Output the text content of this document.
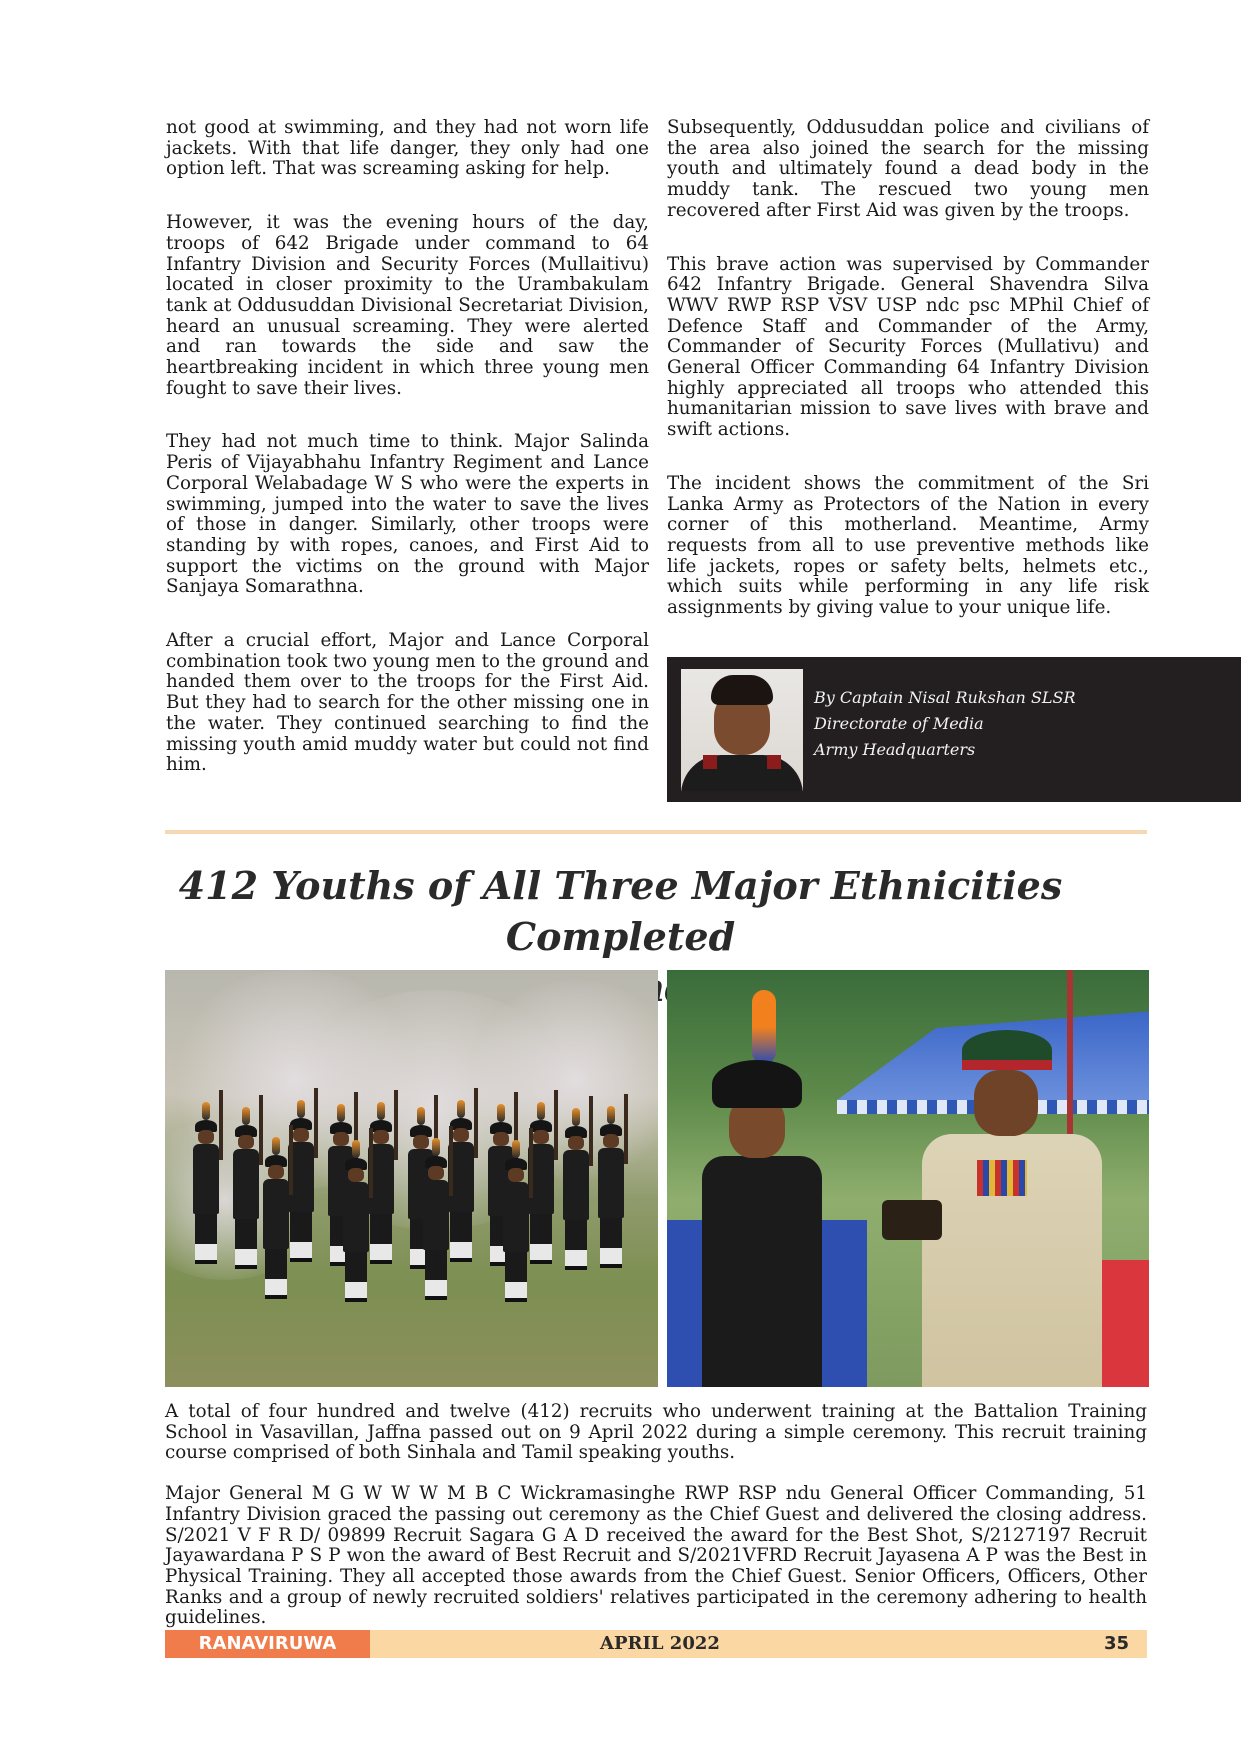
not good at swimming, and they had not worn life jackets. With that life danger, they only had one option left. That was screaming asking for help.

However, it was the evening hours of the day, troops of 642 Brigade under command to 64 Infantry Division and Security Forces (Mullaitivu) located in closer proximity to the Urambakulam tank at Oddusuddan Divisional Secretariat Division, heard an unusual screaming. They were alerted and ran towards the side and saw the heartbreaking incident in which three young men fought to save their lives.

They had not much time to think. Major Salinda Peris of Vijayabhahu Infantry Regiment and Lance Corporal Welabadage W S who were the experts in swimming, jumped into the water to save the lives of those in danger. Similarly, other troops were standing by with ropes, canoes, and First Aid to support the victims on the ground with Major Sanjaya Somarathna.

After a crucial effort, Major and Lance Corporal combination took two young men to the ground and handed them over to the troops for the First Aid. But they had to search for the other missing one in the water. They continued searching to find the missing youth amid muddy water but could not find him.

Subsequently, Oddusuddan police and civilians of the area also joined the search for the missing youth and ultimately found a dead body in the muddy tank. The rescued two young men recovered after First Aid was given by the troops.

This brave action was supervised by Commander 642 Infantry Brigade. General Shavendra Silva WWV RWP RSP VSV USP ndc psc MPhil Chief of Defence Staff and Commander of the Army, Commander of Security Forces (Mullativu) and General Officer Commanding 64 Infantry Division highly appreciated all troops who attended this humanitarian mission to save lives with brave and swift actions.

The incident shows the commitment of the Sri Lanka Army as Protectors of the Nation in every corner of this motherland. Meantime, Army requests from all to use preventive methods like life jackets, ropes or safety belts, helmets etc., which suits while performing in any life risk assignments by giving value to your unique life.

By Captain Nisal Rukshan SLSR
Directorate of Media
Army Headquarters
412 Youths of All Three Major Ethnicities Completed

A total of four hundred and twelve (412) recruits who underwent training at the Battalion Training School in Vasavillan, Jaffna passed out on 9 April 2022 during a simple ceremony. This recruit training course comprised of both Sinhala and Tamil speaking youths.

Major General M G W W W M B C Wickramasinghe RWP RSP ndu General Officer Commanding, 51 Infantry Division graced the passing out ceremony as the Chief Guest and delivered the closing address. S/2021 V F R D/ 09899 Recruit Sagara G A D received the award for the Best Shot, S/2127197 Recruit Jayawardana P S P won the award of Best Recruit and S/2021VFRD Recruit Jayasena A P was the Best in Physical Training. They all accepted those awards from the Chief Guest. Senior Officers, Officers, Other Ranks and a group of newly recruited soldiers' relatives participated in the ceremony adhering to health guidelines.

RANAVIRUWA	APRIL 2022	35
